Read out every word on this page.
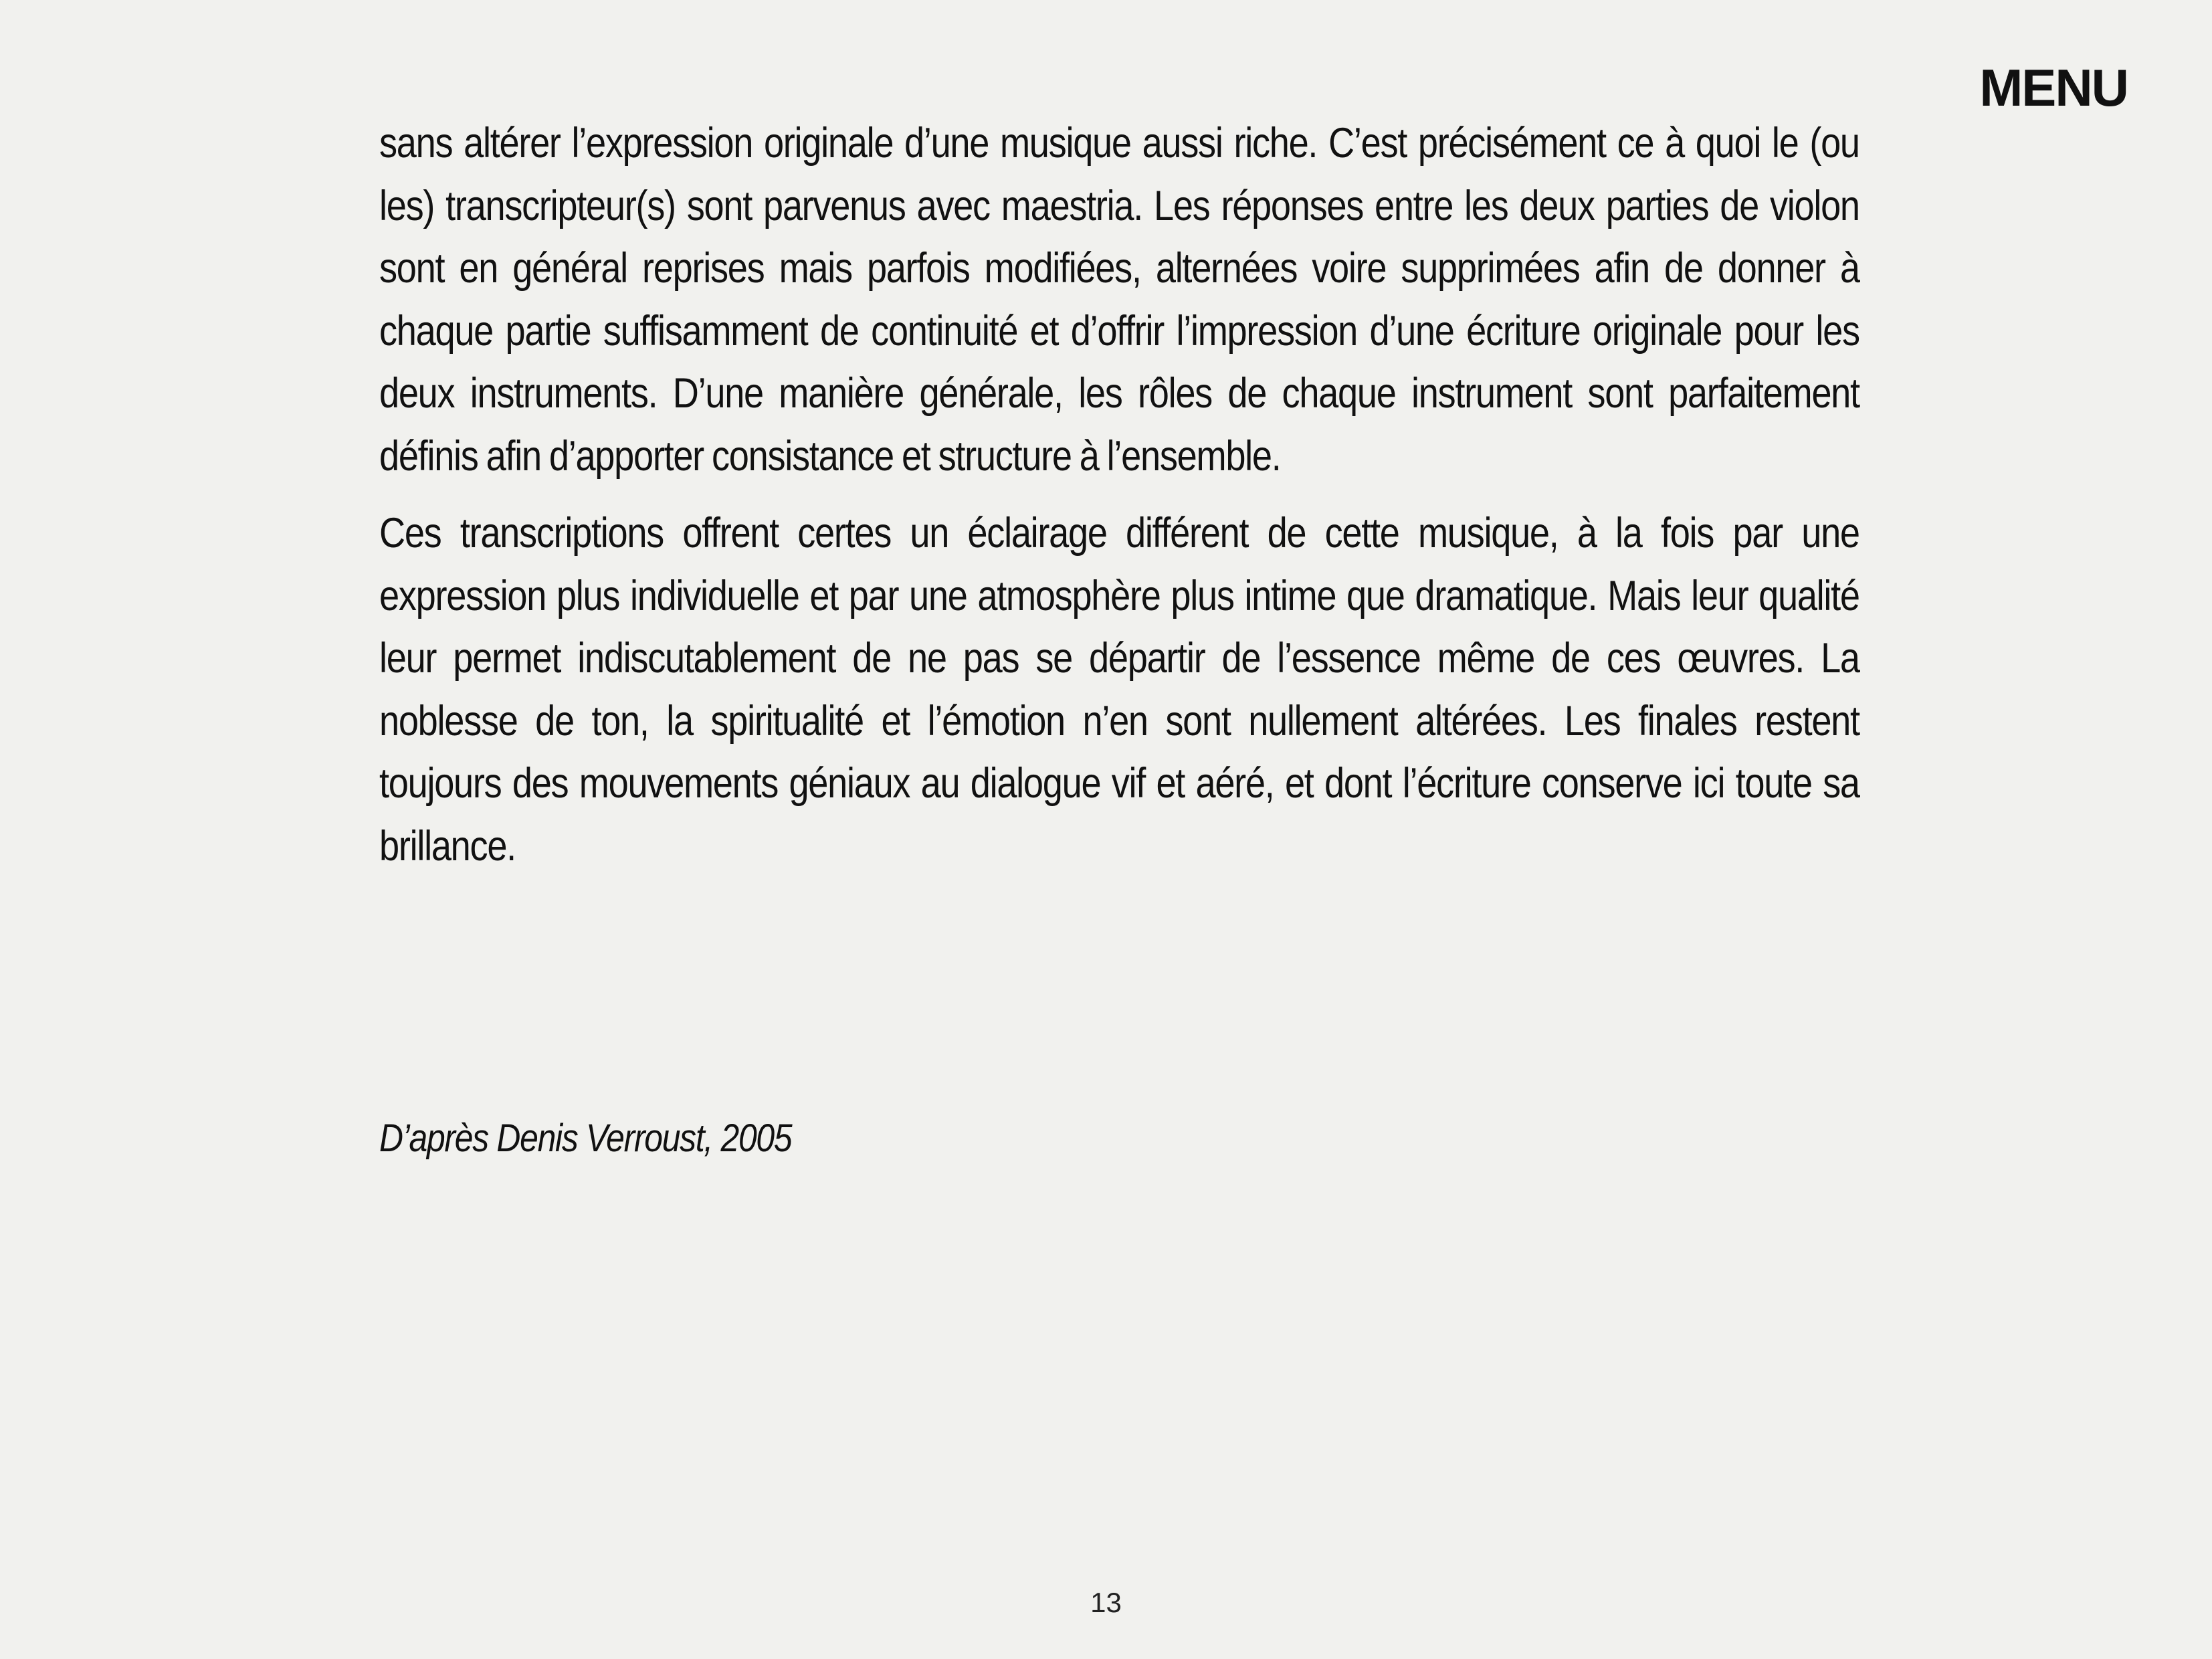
MENU

sans altérer l’expression originale d’une musique aussi riche. C’est précisément ce à quoi le (ou les) transcripteur(s) sont parvenus avec maestria. Les réponses entre les deux parties de violon sont en général reprises mais parfois modifiées, alternées voire supprimées afin de donner à chaque partie suffisamment de continuité et d’offrir l’impression d’une écriture originale pour les deux instruments. D’une manière générale, les rôles de chaque instrument sont parfaitement définis afin d’apporter consistance et structure à l’ensemble.

Ces transcriptions offrent certes un éclairage différent de cette musique, à la fois par une expression plus individuelle et par une atmosphère plus intime que dramatique. Mais leur qualité leur permet indiscutablement de ne pas se départir de l’essence même de ces œuvres. La noblesse de ton, la spiritualité et l’émotion n’en sont nullement altérées. Les finales restent toujours des mouvements géniaux au dialogue vif et aéré, et dont l’écriture conserve ici toute sa brillance.

D’après Denis Verroust, 2005
13
